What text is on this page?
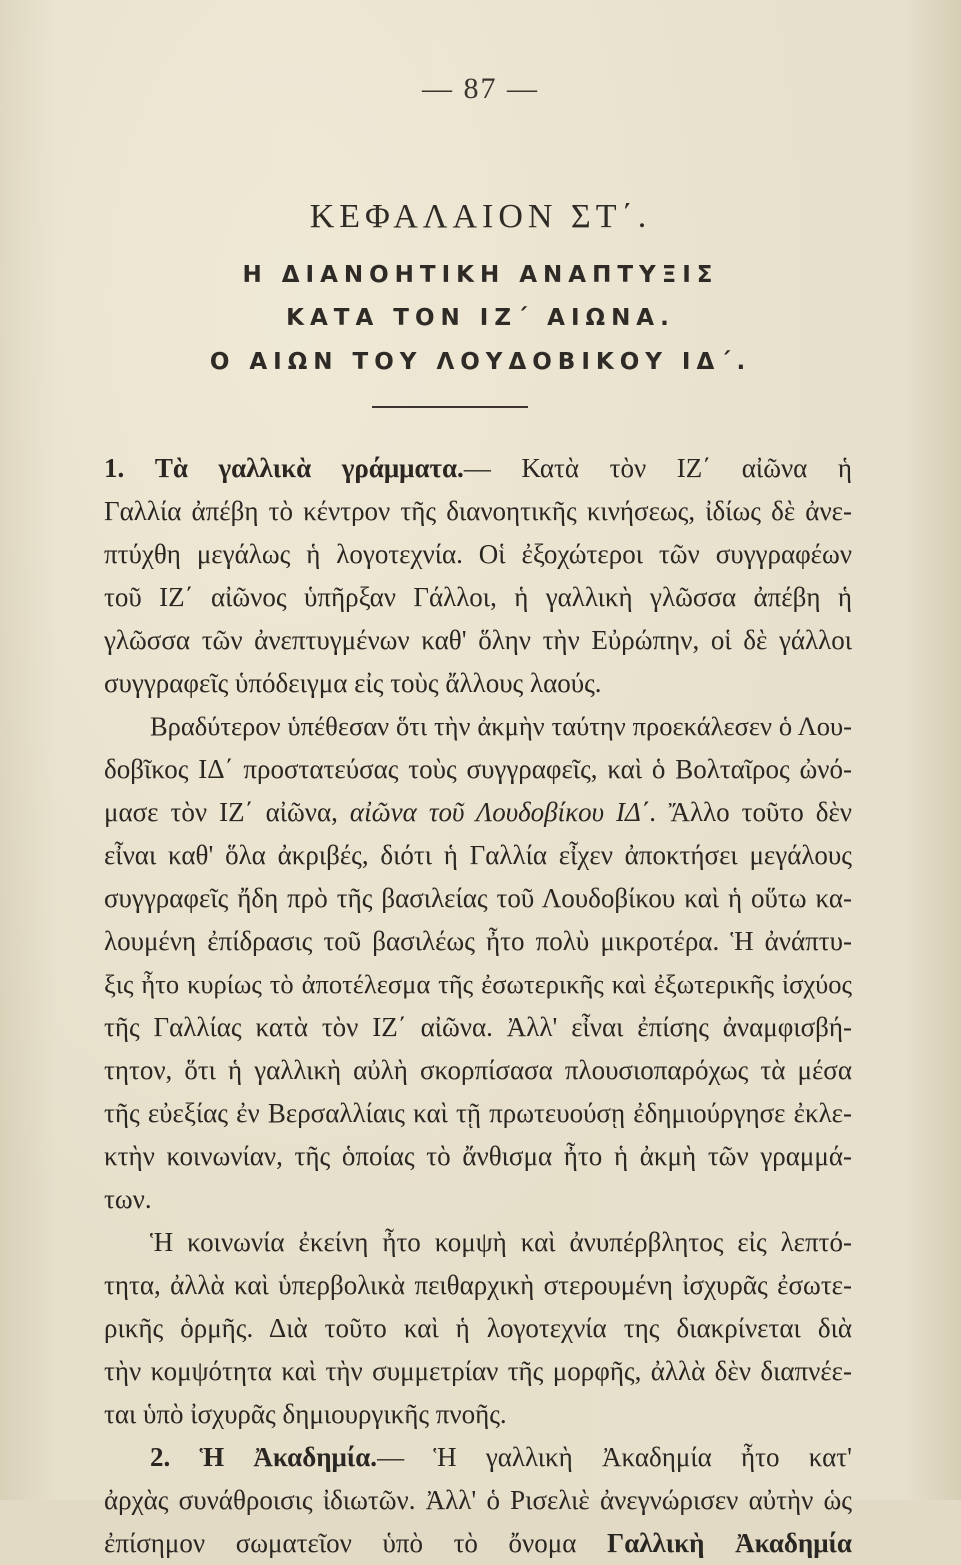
— 87 —
ΚΕΦΑΛΑΙΟΝ ΣΤ΄.
Η ΔΙΑΝΟΗΤΙΚΗ ΑΝΑΠΤΥΞΙΣ
ΚΑΤΑ ΤΟΝ ΙΖ΄ ΑΙΩΝΑ.
Ο ΑΙΩΝ ΤΟΥ ΛΟΥΔΟΒΙΚΟΥ ΙΔ΄.
1. Τὰ γαλλικὰ γράμματα.— Κατὰ τὸν ΙΖ΄ αἰῶνα ἡ
Γαλλία ἀπέβη τὸ κέντρον τῆς διανοητικῆς κινήσεως, ἰδίως δὲ ἀνε-
πτύχθη μεγάλως ἡ λογοτεχνία. Οἱ ἐξοχώτεροι τῶν συγγραφέων
τοῦ ΙΖ΄ αἰῶνος ὑπῆρξαν Γάλλοι, ἡ γαλλικὴ γλῶσσα ἀπέβη ἡ
γλῶσσα τῶν ἀνεπτυγμένων καθ' ὅλην τὴν Εὐρώπην, οἱ δὲ γάλλοι
συγγραφεῖς ὑπόδειγμα εἰς τοὺς ἄλλους λαούς.
Βραδύτερον ὑπέθεσαν ὅτι τὴν ἀκμὴν ταύτην προεκάλεσεν ὁ Λου-
δοβῖκος ΙΔ΄ προστατεύσας τοὺς συγγραφεῖς, καὶ ὁ Βολταῖρος ὠνό-
μασε τὸν ΙΖ΄ αἰῶνα, αἰῶνα τοῦ Λουδοβίκου ΙΔ΄. Ἄλλο τοῦτο δὲν
εἶναι καθ' ὅλα ἀκριβές, διότι ἡ Γαλλία εἶχεν ἀποκτήσει μεγάλους
συγγραφεῖς ἤδη πρὸ τῆς βασιλείας τοῦ Λουδοβίκου καὶ ἡ οὕτω κα-
λουμένη ἐπίδρασις τοῦ βασιλέως ἦτο πολὺ μικροτέρα. Ἡ ἀνάπτυ-
ξις ἦτο κυρίως τὸ ἀποτέλεσμα τῆς ἐσωτερικῆς καὶ ἐξωτερικῆς ἰσχύος
τῆς Γαλλίας κατὰ τὸν ΙΖ΄ αἰῶνα. Ἀλλ' εἶναι ἐπίσης ἀναμφισβή-
τητον, ὅτι ἡ γαλλικὴ αὐλὴ σκορπίσασα πλουσιοπαρόχως τὰ μέσα
τῆς εὐεξίας ἐν Βερσαλλίαις καὶ τῇ πρωτευούσῃ ἐδημιούργησε ἐκλε-
κτὴν κοινωνίαν, τῆς ὁποίας τὸ ἄνθισμα ἦτο ἡ ἀκμὴ τῶν γραμμά-
των.
Ἡ κοινωνία ἐκείνη ἦτο κομψὴ καὶ ἀνυπέρβλητος εἰς λεπτό-
τητα, ἀλλὰ καὶ ὑπερβολικὰ πειθαρχικὴ στερουμένη ἰσχυρᾶς ἐσωτε-
ρικῆς ὁρμῆς. Διὰ τοῦτο καὶ ἡ λογοτεχνία της διακρίνεται διὰ
τὴν κομψότητα καὶ τὴν συμμετρίαν τῆς μορφῆς, ἀλλὰ δὲν διαπνέε-
ται ὑπὸ ἰσχυρᾶς δημιουργικῆς πνοῆς.
2. Ἡ Ἀκαδημία.— Ἡ γαλλικὴ Ἀκαδημία ἦτο κατ'
ἀρχὰς συνάθροισις ἰδιωτῶν. Ἀλλ' ὁ Ρισελιὲ ἀνεγνώρισεν αὐτὴν ὡς
ἐπίσημον σωματεῖον ὑπὸ τὸ ὄνομα Γαλλικὴ Ἀκαδημία
